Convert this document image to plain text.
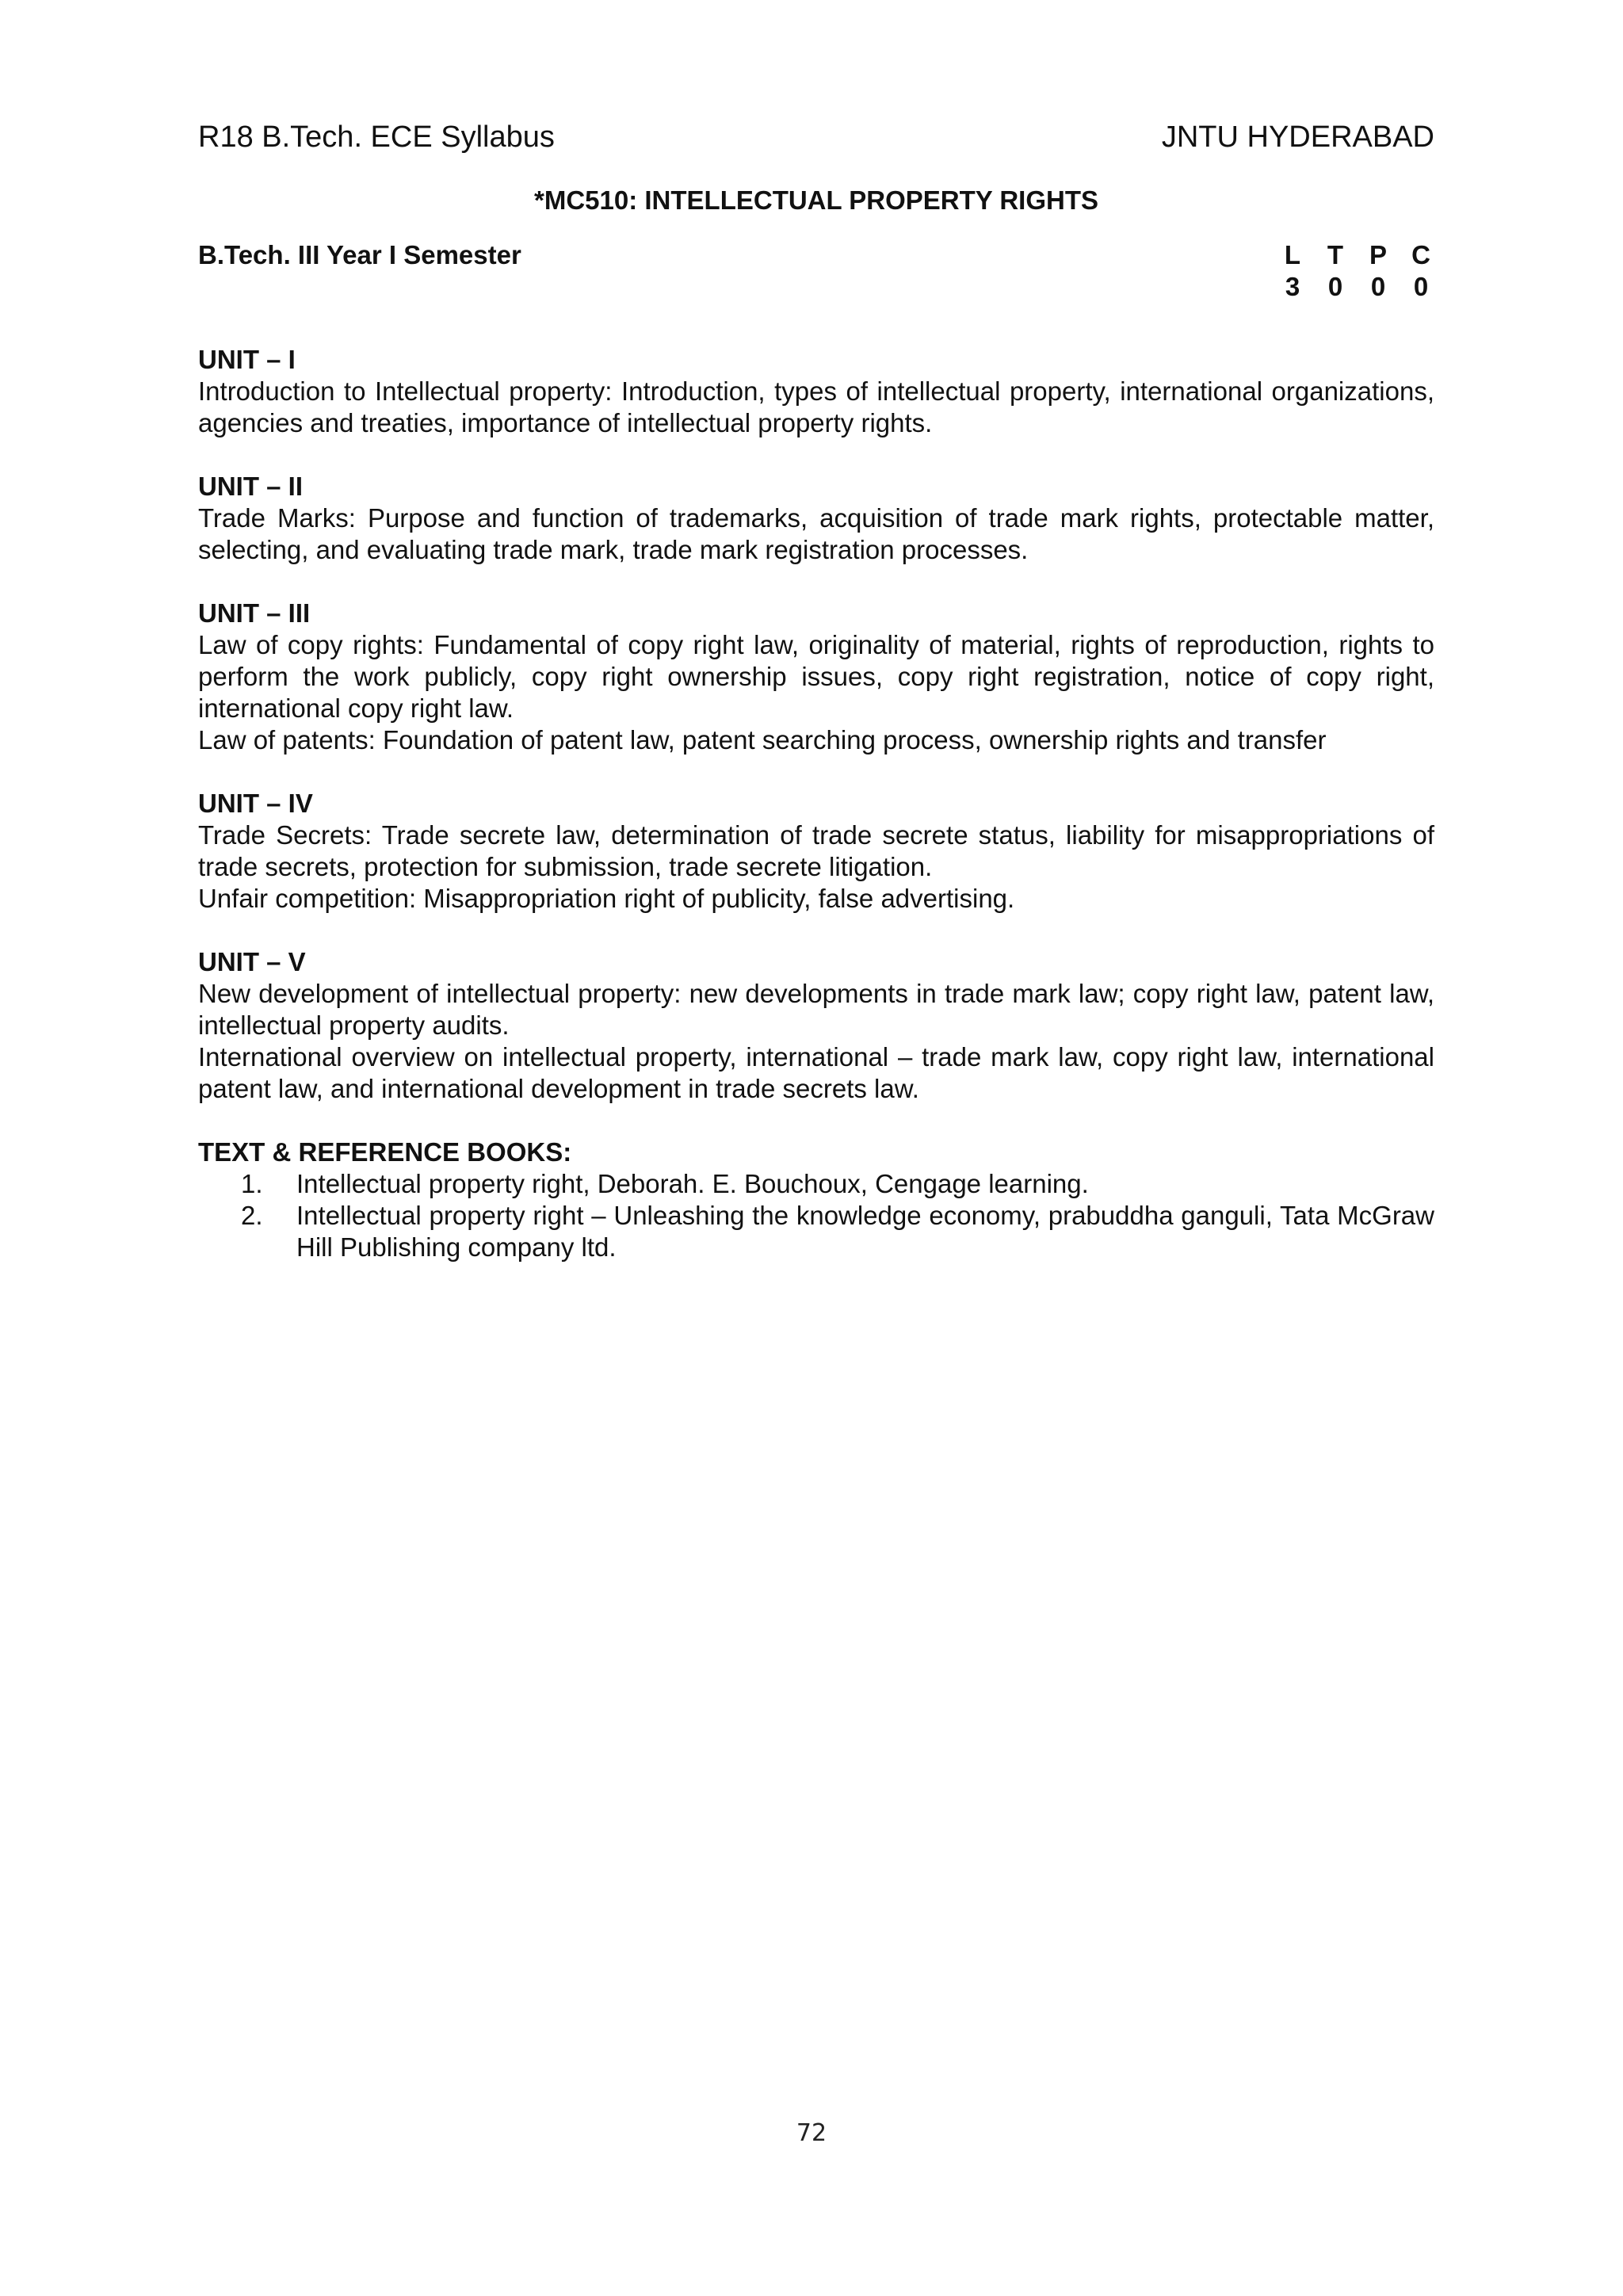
R18 B.Tech. ECE Syllabus	JNTU HYDERABAD
*MC510: INTELLECTUAL PROPERTY RIGHTS
B.Tech. III Year I Semester	L	T P C
3	0	0	0
UNIT – I

Introduction to Intellectual property: Introduction, types of intellectual property, international organizations, agencies and treaties, importance of intellectual property rights.

UNIT – II

Trade Marks: Purpose and function of trademarks, acquisition of trade mark rights, protectable matter, selecting, and evaluating trade mark, trade mark registration processes.

UNIT – III

Law of copy rights: Fundamental of copy right law, originality of material, rights of reproduction, rights to perform the work publicly, copy right ownership issues, copy right registration, notice of copy right, international copy right law.

Law of patents: Foundation of patent law, patent searching process, ownership rights and transfer

UNIT – IV

Trade Secrets: Trade secrete law, determination of trade secrete status, liability for misappropriations of trade secrets, protection for submission, trade secrete litigation.

Unfair competition: Misappropriation right of publicity, false advertising.

UNIT – V

New development of intellectual property: new developments in trade mark law; copy right law, patent law, intellectual property audits.

International overview on intellectual property, international – trade mark law, copy right law, international patent law, and international development in trade secrets law.

TEXT & REFERENCE BOOKS:
1.	Intellectual property right, Deborah. E. Bouchoux, Cengage learning.
2.	Intellectual property right – Unleashing the knowledge economy, prabuddha ganguli, Tata McGraw Hill Publishing company ltd.
72
